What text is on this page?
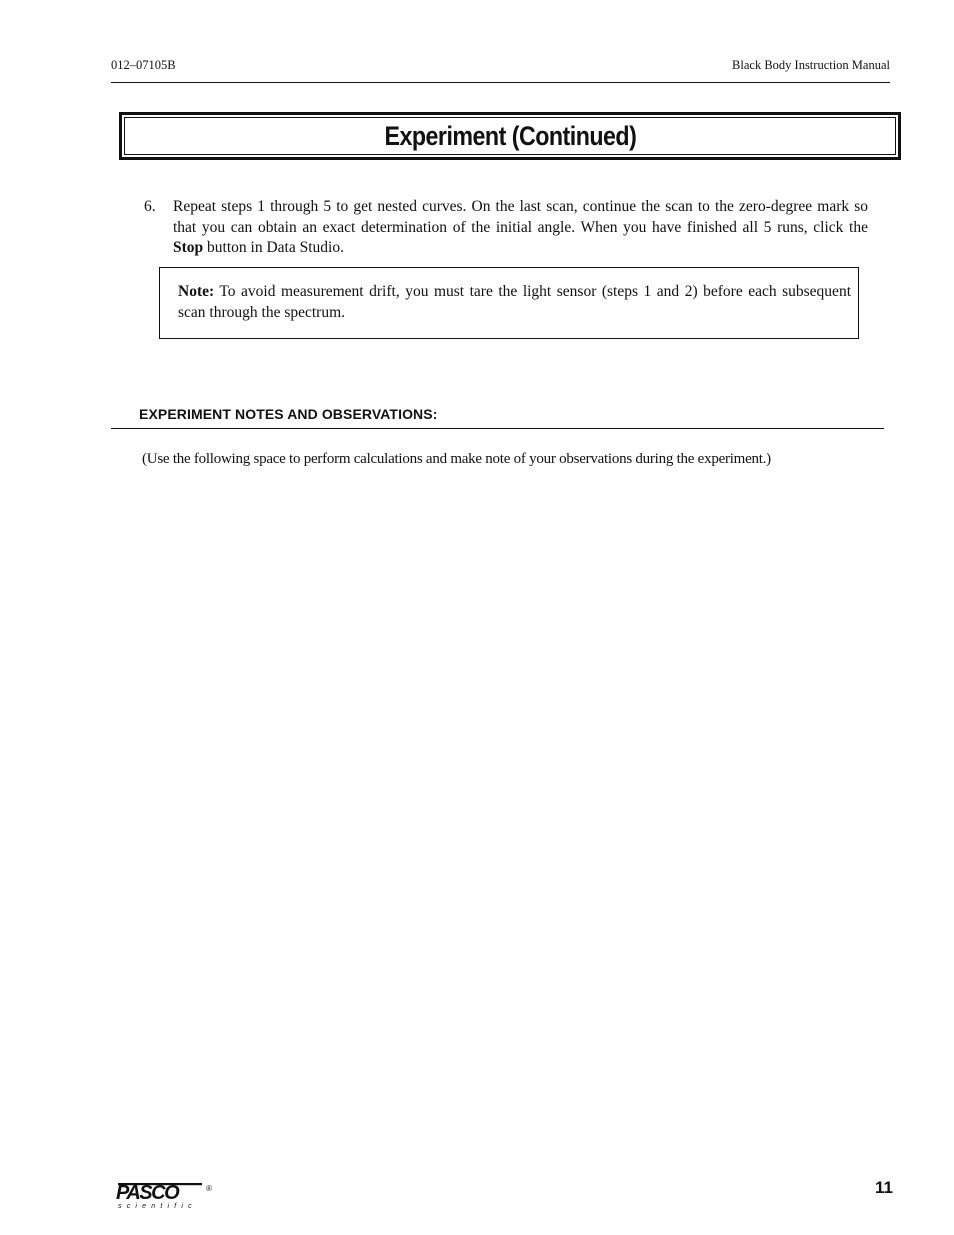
012–07105B	Black Body Instruction Manual
Experiment (Continued)
6. Repeat steps 1 through 5 to get nested curves. On the last scan, continue the scan to the zero-degree mark so that you can obtain an exact determination of the initial angle. When you have finished all 5 runs, click the Stop button in Data Studio.
Note: To avoid measurement drift, you must tare the light sensor (steps 1 and 2) before each subsequent scan through the spectrum.
EXPERIMENT NOTES AND OBSERVATIONS:
(Use the following space to perform calculations and make note of your observations during the experiment.)
PASCO	®
scientific
11
